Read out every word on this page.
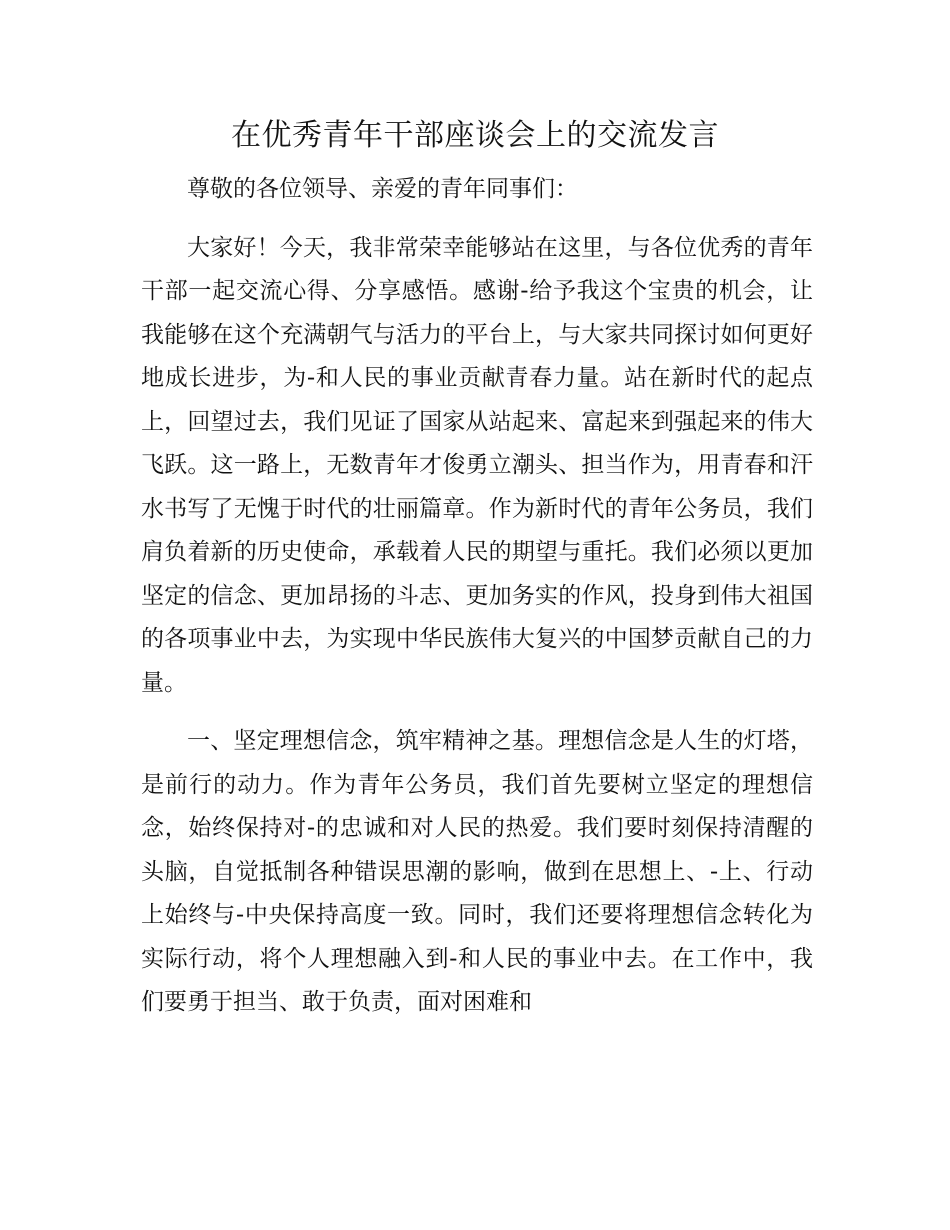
在优秀青年干部座谈会上的交流发言

尊敬的各位领导、亲爱的青年同事们：

大家好！今天，我非常荣幸能够站在这里，与各位优秀的青年干部一起交流心得、分享感悟。感谢-给予我这个宝贵的机会，让我能够在这个充满朝气与活力的平台上，与大家共同探讨如何更好地成长进步，为-和人民的事业贡献青春力量。站在新时代的起点上，回望过去，我们见证了国家从站起来、富起来到强起来的伟大飞跃。这一路上，无数青年才俊勇立潮头、担当作为，用青春和汗水书写了无愧于时代的壮丽篇章。作为新时代的青年公务员，我们肩负着新的历史使命，承载着人民的期望与重托。我们必须以更加坚定的信念、更加昂扬的斗志、更加务实的作风，投身到伟大祖国的各项事业中去，为实现中华民族伟大复兴的中国梦贡献自己的力量。

一、坚定理想信念，筑牢精神之基。理想信念是人生的灯塔，是前行的动力。作为青年公务员，我们首先要树立坚定的理想信念，始终保持对-的忠诚和对人民的热爱。我们要时刻保持清醒的头脑，自觉抵制各种错误思潮的影响，做到在思想上、-上、行动上始终与-中央保持高度一致。同时，我们还要将理想信念转化为实际行动，将个人理想融入到-和人民的事业中去。在工作中，我们要勇于担当、敢于负责，面对困难和
